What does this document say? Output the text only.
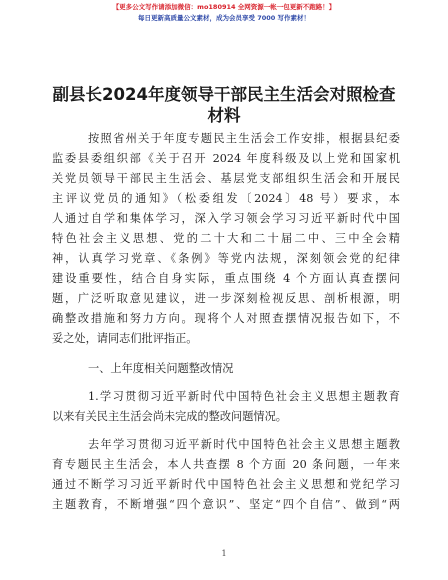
【更多公文写作请添加微信：mo180914 全网资源一帐一包更新不跑路！】
每日更新高质量公文素材，成为会员享受 7000 写作素材！
副县长2024年度领导干部民主生活会对照检查
材料
按照省州关于年度专题民主生活会工作安排，根据县纪委
监委县委组织部《关于召开 2024 年度科级及以上党和国家机
关党员领导干部民主生活会、基层党支部组织生活会和开展民
主评议党员的通知》（松委组发〔2024〕48 号）要求，本
人通过自学和集体学习，深入学习领会学习习近平新时代中国
特色社会主义思想、党的二十大和二十届二中、三中全会精
神，认真学习党章、《条例》等党内法规，深刻领会党的纪律
建设重要性，结合自身实际，重点围绕 4 个方面认真查摆问
题，广泛听取意见建议，进一步深刻检视反思、剖析根源，明
确整改措施和努力方向。现将个人对照查摆情况报告如下，不
妥之处，请同志们批评指正。
一、上年度相关问题整改情况
1.学习贯彻习近平新时代中国特色社会主义思想主题教育
以来有关民主生活会尚未完成的整改问题情况。
去年学习贯彻习近平新时代中国特色社会主义思想主题教
育专题民主生活会，本人共查摆 8 个方面 20 条问题，一年来
通过不断学习习近平新时代中国特色社会主义思想和党纪学习
主题教育，不断增强“四个意识”、坚定“四个自信”、做到“两
1
